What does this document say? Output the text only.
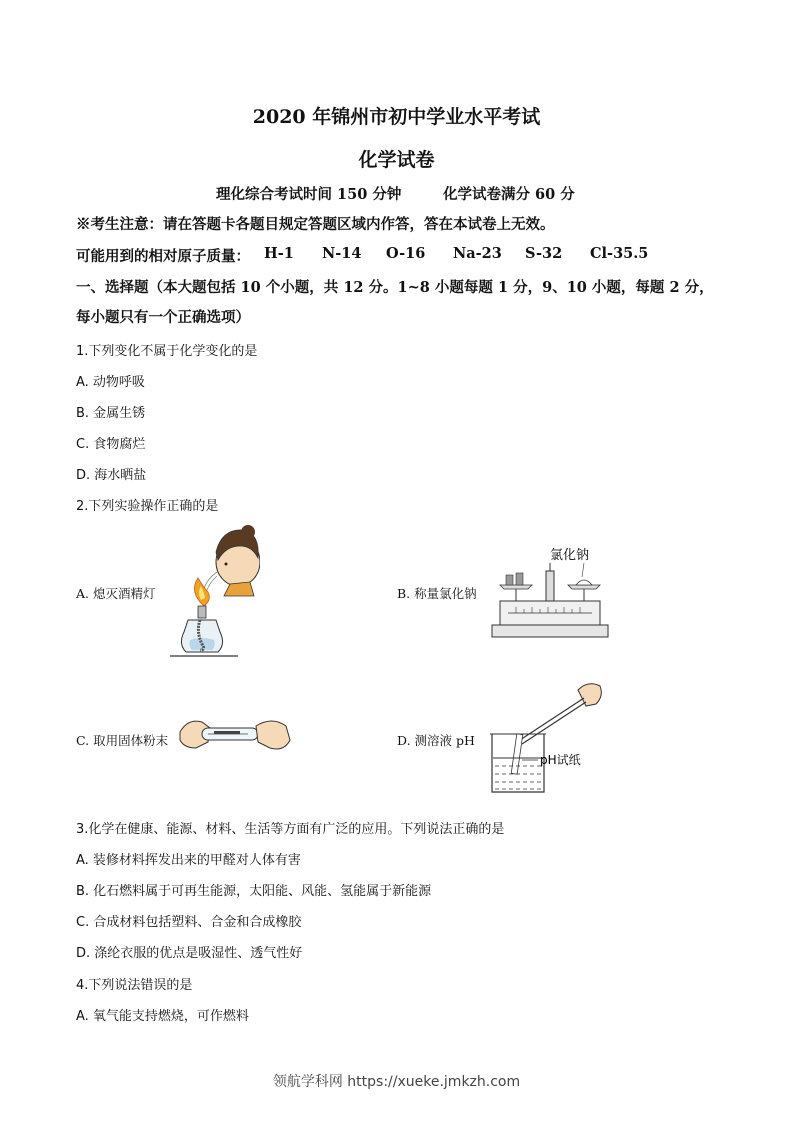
2020 年锦州市初中学业水平考试
化学试卷
理化综合考试时间 150 分钟	化学试卷满分 60 分
※考生注意：请在答题卡各题目规定答题区域内作答，答在本试卷上无效。
可能用到的相对原子质量： H-1 N-14 O-16 Na-23 S-32 Cl-35.5
一、选择题（本大题包括 10 个小题，共 12 分。1~8 小题每题 1 分，9、10 小题，每题 2 分，
每小题只有一个正确选项）
1.下列变化不属于化学变化的是
A. 动物呼吸
B. 金属生锈
C. 食物腐烂
D. 海水晒盐
2.下列实验操作正确的是
A. 熄灭酒精灯	B. 称量氯化钠
C. 取用固体粉末	D. 测溶液 pH
氯化钠
pH试纸
3.化学在健康、能源、材料、生活等方面有广泛的应用。下列说法正确的是
A. 装修材料挥发出来的甲醛对人体有害
B. 化石燃料属于可再生能源，太阳能、风能、氢能属于新能源
C. 合成材料包括塑料、合金和合成橡胶
D. 涤纶衣服的优点是吸湿性、透气性好
4.下列说法错误的是
A. 氧气能支持燃烧，可作燃料
领航学科网 https://xueke.jmkzh.com
